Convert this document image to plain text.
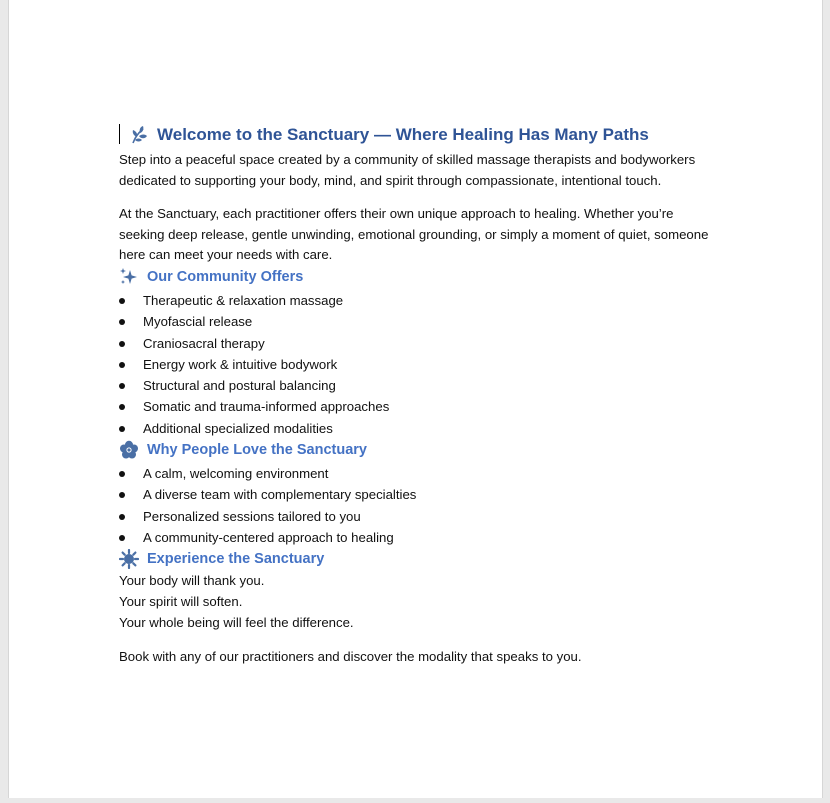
Welcome to the Sanctuary — Where Healing Has Many Paths

Step into a peaceful space created by a community of skilled massage therapists and bodyworkers dedicated to supporting your body, mind, and spirit through compassionate, intentional touch.

At the Sanctuary, each practitioner offers their own unique approach to healing. Whether you’re seeking deep release, gentle unwinding, emotional grounding, or simply a moment of quiet, someone here can meet your needs with care.

Our Community Offers
Therapeutic & relaxation massage
Myofascial release
Craniosacral therapy
Energy work & intuitive bodywork
Structural and postural balancing
Somatic and trauma-informed approaches
Additional specialized modalities
Why People Love the Sanctuary
A calm, welcoming environment
A diverse team with complementary specialties
Personalized sessions tailored to you
A community-centered approach to healing
Experience the Sanctuary
Your body will thank you.
Your spirit will soften.
Your whole being will feel the difference.

Book with any of our practitioners and discover the modality that speaks to you.
